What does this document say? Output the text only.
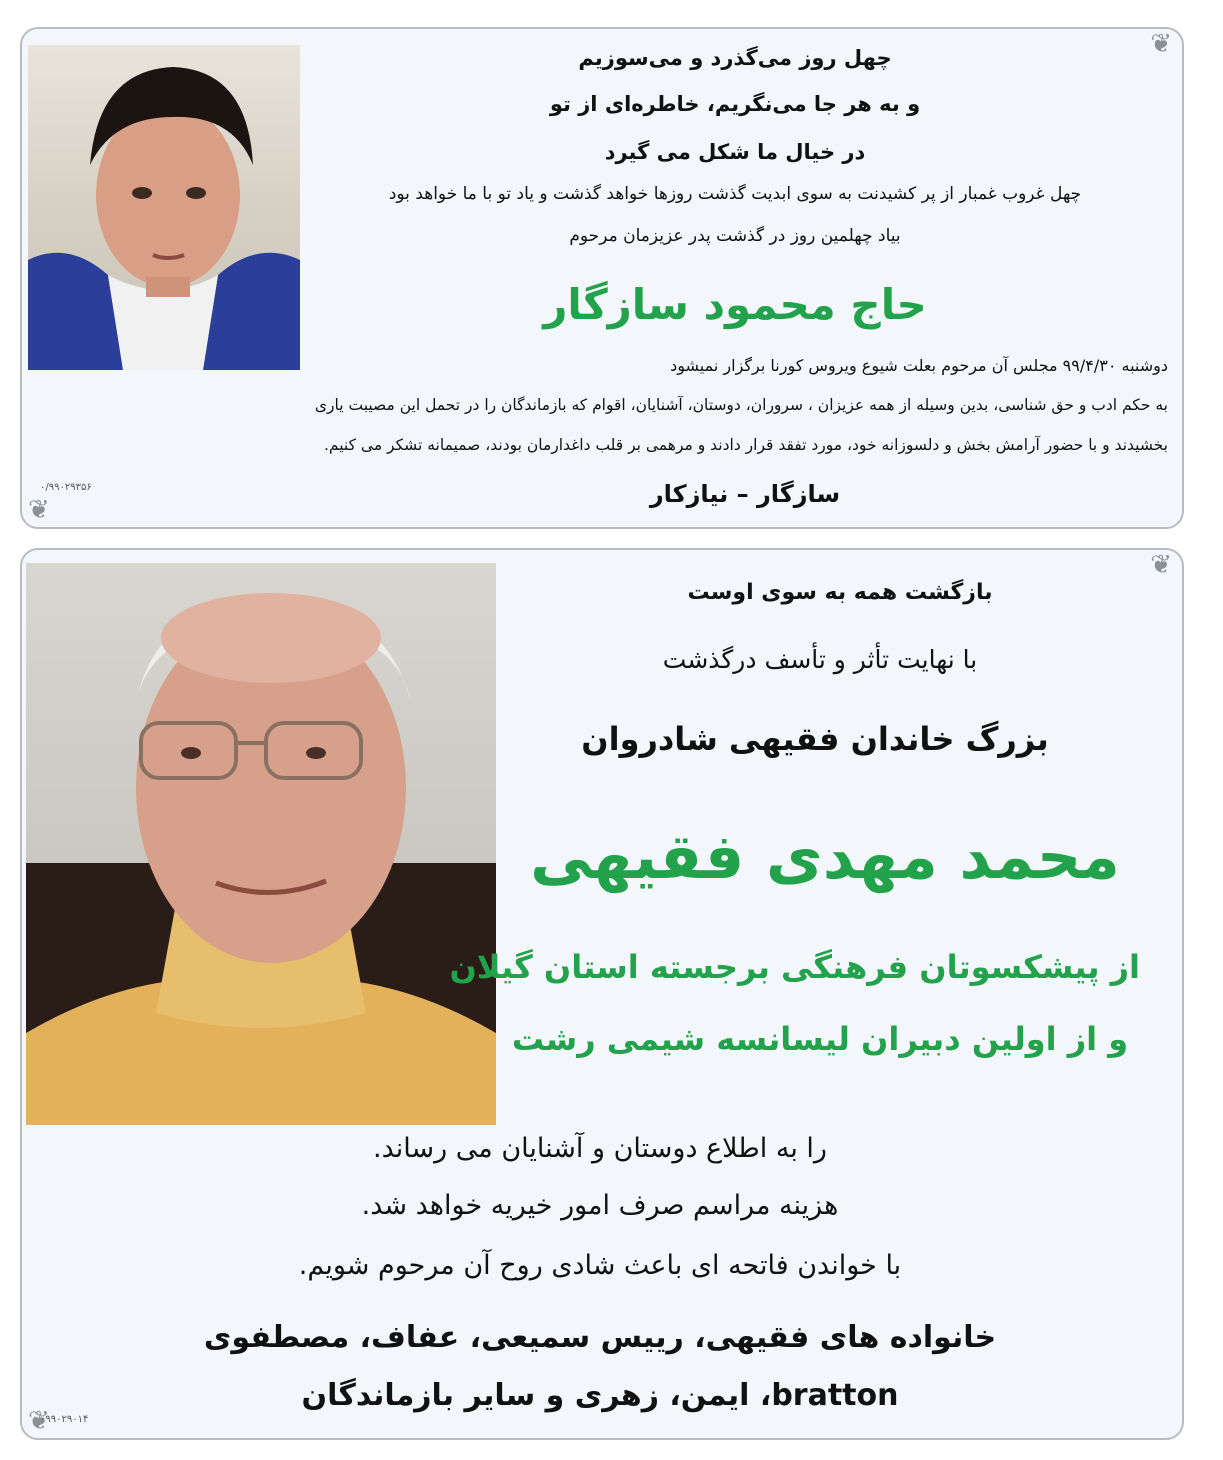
❦
❦
۰/۹۹۰۲۹۳۵۶
چهل روز می‌گذرد و می‌سوزیم
و به هر جا می‌نگریم، خاطره‌ای از تو
در خیال ما شکل می گیرد
چهل غروب غمبار از پر کشیدنت به سوی ابدیت گذشت روزها خواهد گذشت و یاد تو با ما خواهد بود
بیاد چهلمین روز در گذشت پدر عزیزمان مرحوم
حاج محمود سازگار
دوشنبه ۹۹/۴/۳۰ مجلس آن مرحوم بعلت شیوع ویروس کورنا برگزار نمیشود
به حکم ادب و حق شناسی، بدین وسیله از همه عزیزان ، سروران، دوستان، آشنایان، اقوام که بازماندگان را در تحمل این مصیبت یاری
بخشیدند و با حضور آرامش بخش و دلسوزانه خود، مورد تفقد قرار دادند و مرهمی بر قلب داغدارمان بودند، صمیمانه تشکر می کنیم.
سازگار – نیازکار
❦
❦
۰۹۹۰۲۹۰۱۴
بازگشت همه به سوی اوست
با نهایت تأثر و تأسف درگذشت
بزرگ خاندان فقیهی شادروان
محمد مهدی فقیهی
از پیشکسوتان فرهنگی برجسته استان گیلان
و از اولین دبیران لیسانسه شیمی رشت
را به اطلاع دوستان و آشنایان می رساند.
هزینه مراسم صرف امور خیریه خواهد شد.
با خواندن فاتحه ای باعث شادی روح آن مرحوم شویم.
خانواده های فقیهی، رییس سمیعی، عفاف، مصطفوی
bratton، ایمن، زهری و سایر بازماندگان
